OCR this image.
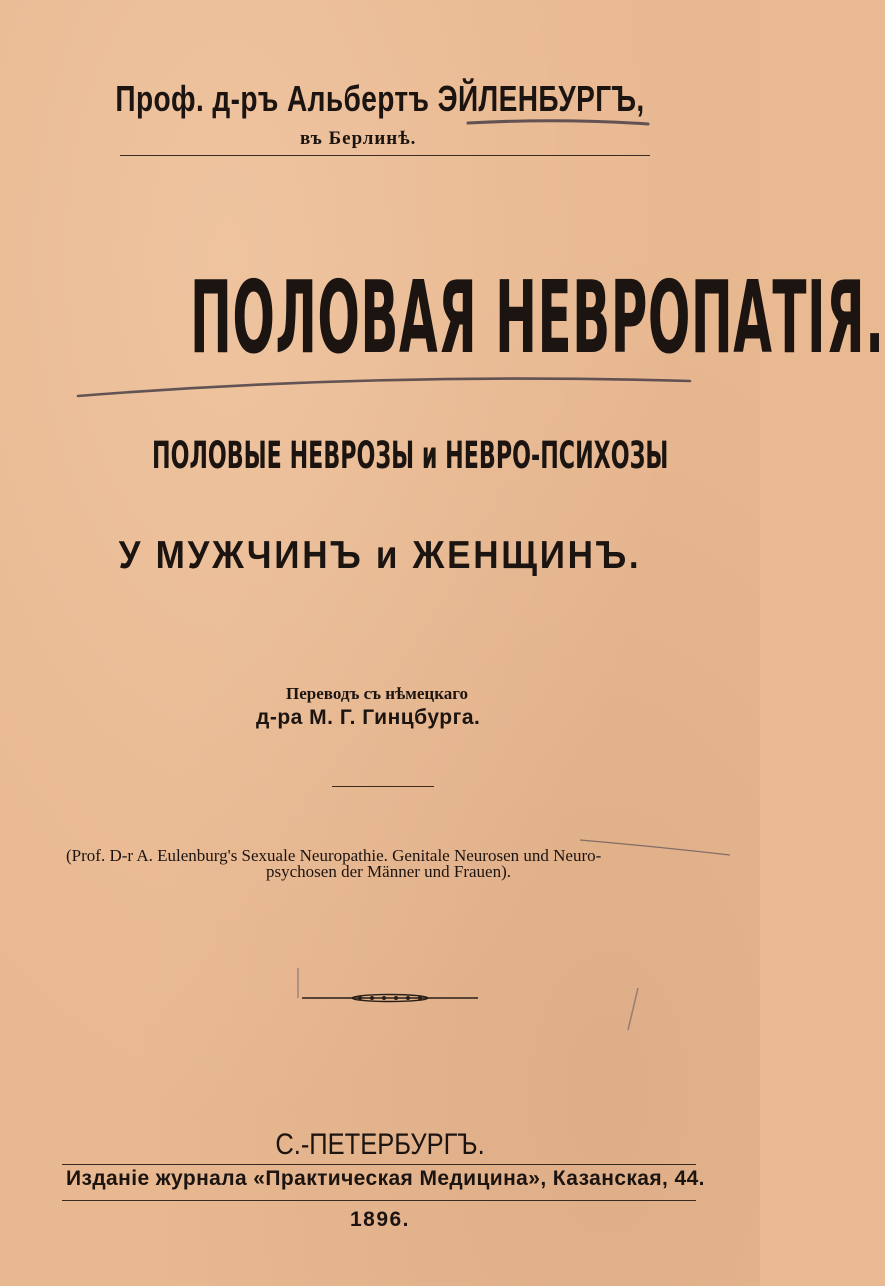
Проф. д-ръ Альбертъ ЭЙЛЕНБУРГЪ,
въ Берлинѣ.
ПОЛОВАЯ НЕВРОПАТІЯ.
ПОЛОВЫЕ НЕВРОЗЫ и НЕВРО-ПСИХОЗЫ
У МУЖЧИНЪ и ЖЕНЩИНЪ.
Переводъ съ нѣмецкаго
д-ра М. Г. Гинцбурга.
(Prof. D-r A. Eulenburg's Sexuale Neuropathie. Genitale Neurosen und Neuro-
psychosen der Männer und Frauen).
С.-ПЕТЕРБУРГЪ.
Изданіе журнала «Практическая Медицина», Казанская, 44.
1896.
